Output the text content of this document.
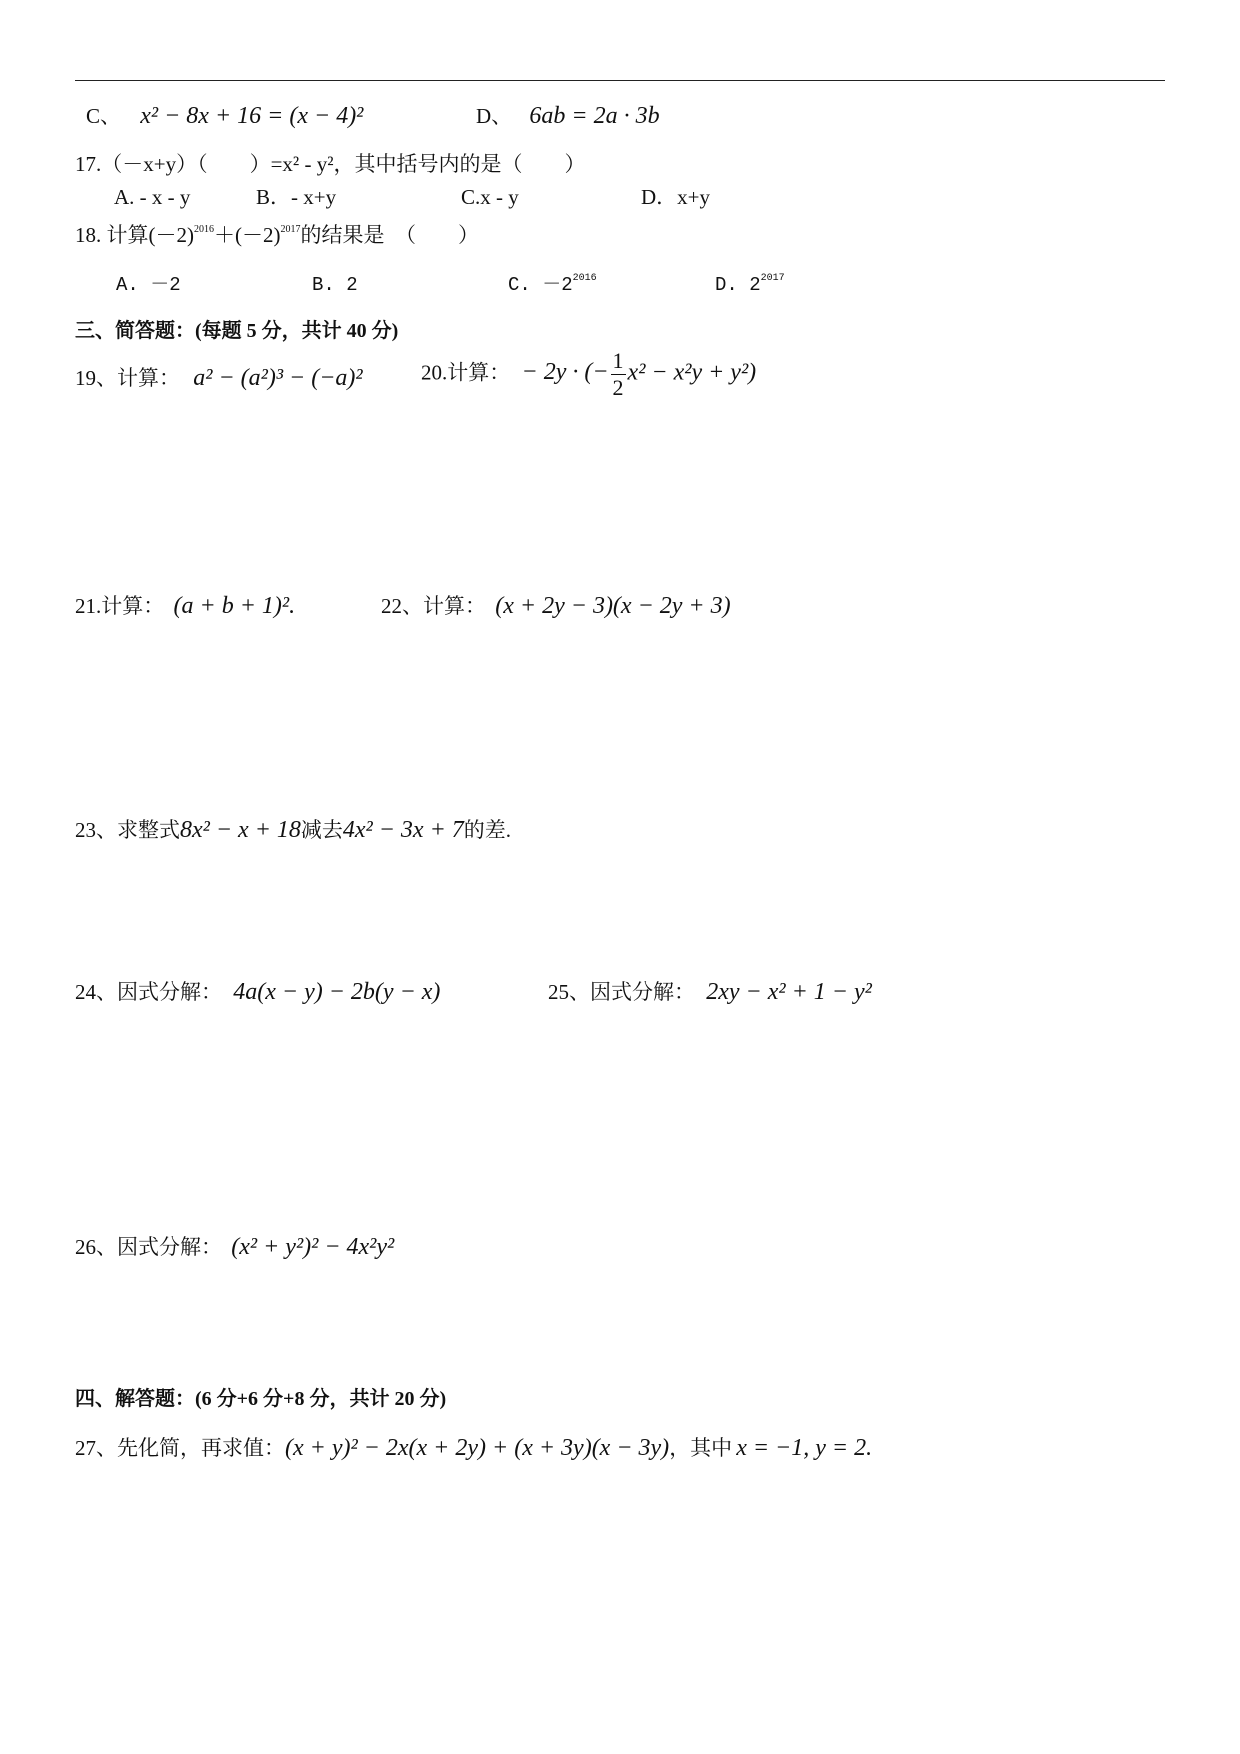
C、 x² − 8x + 16 = (x − 4)²	D、 6ab = 2a · 3b
17.（－x+y）（　　）=x² - y²，其中括号内的是（　　）
A. - x - y	B．- x+y	C.x - y	D．x+y
18. 计算$(-2)^{2016}+(-2)^{2017}$的结果是　（　　）
A. －2	B. 2	C. $-2^{2016}$	D. $2^{2017}$
三、简答题：(每题 5 分，共计 40 分)
19、计算： a² − (a²)³ − (−a)²	20.计算： − 2y · (− $\frac{1}{2} x^2 - x^2y + y^2$)
21.计算： (a + b + 1)².	22、计算： (x + 2y − 3)(x − 2y + 3)
23、求整式8x² − x + 18减去4x² − 3x + 7的差.
24、因式分解： 4a(x − y) − 2b(y − x)	25、因式分解： 2xy − x² + 1 − y²
26、因式分解： (x² + y²)² − 4x²y²
四、解答题：(6 分+6 分+8 分，共计 20 分)
27、先化简，再求值：(x + y)² − 2x(x + 2y) + (x + 3y)(x − 3y)，其中 x = −1, y = 2.
